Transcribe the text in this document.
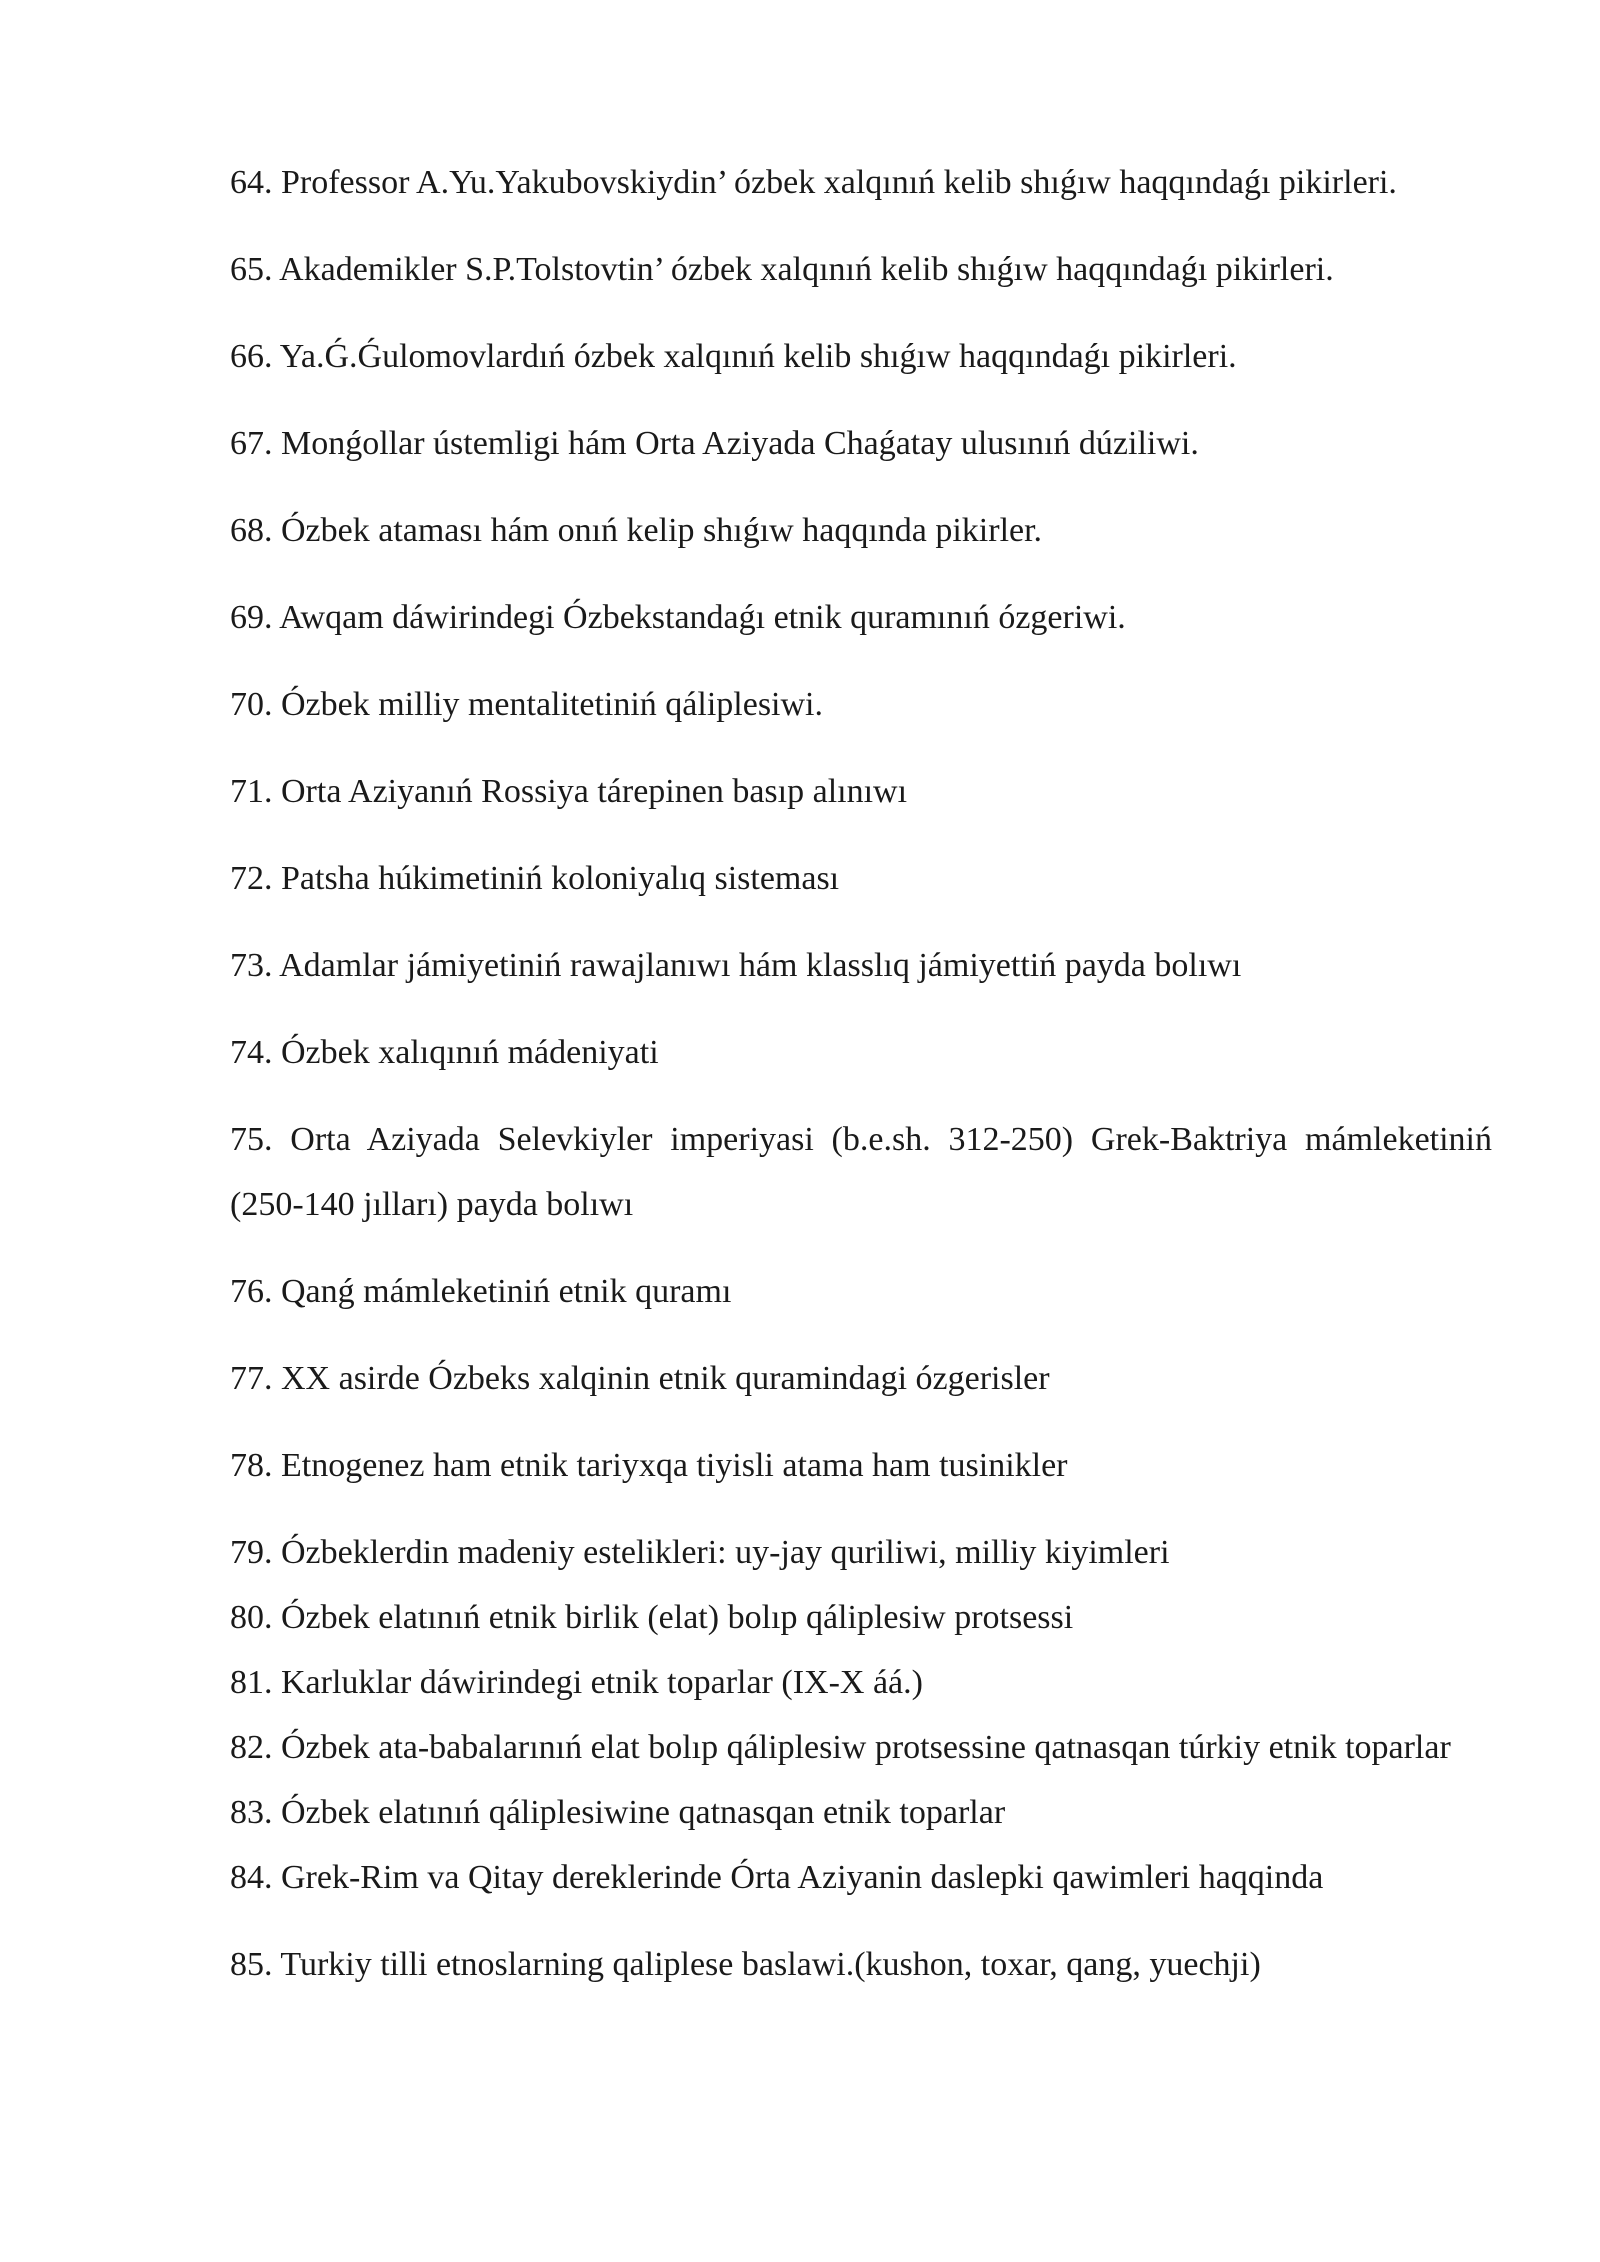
64. Professor A.Yu.Yakubovskiydin’ ózbek xalqınıń kelib shıǵıw haqqındaǵı pikirleri.

65. Akademikler S.P.Tolstovtin’ ózbek xalqınıń kelib shıǵıw haqqındaǵı pikirleri.

66. Ya.Ǵ.Ǵulomovlardıń ózbek xalqınıń kelib shıǵıw haqqındaǵı pikirleri.

67. Monǵollar ústemligi hám Orta Aziyada Chaǵatay ulusınıń dúziliwi.

68. Ózbek ataması hám onıń kelip shıǵıw haqqında pikirler.

69. Awqam dáwirindegi Ózbekstandaǵı etnik quramınıń ózgeriwi.

70. Ózbek milliy mentalitetiniń qáliplesiwi.

71. Orta Aziyanıń Rossiya tárepinen basıp alınıwı

72. Patsha húkimetiniń koloniyalıq sisteması

73. Adamlar jámiyetiniń rawajlanıwı hám klasslıq jámiyettiń payda bolıwı

74. Ózbek xalıqınıń mádeniyati

75. Orta Aziyada Selevkiyler imperiyasi (b.e.sh. 312-250) Grek-Baktriya mámleketiniń (250-140 jılları) payda bolıwı

76. Qanǵ mámleketiniń etnik quramı

77. XX asirde Ózbeks xalqinin etnik quramindagi ózgerisler

78. Etnogenez ham etnik tariyxqa tiyisli atama ham tusinikler

79. Ózbeklerdin madeniy estelikleri: uy-jay quriliwi, milliy kiyimleri

80. Ózbek elatınıń etnik birlik (elat) bolıp qáliplesiw protsessi

81. Karluklar dáwirindegi etnik toparlar (IX-X áá.)

82. Ózbek ata-babalarınıń elat bolıp qáliplesiw protsessine qatnasqan túrkiy etnik toparlar

83. Ózbek elatınıń qáliplesiwine qatnasqan etnik toparlar

84. Grek-Rim va Qitay dereklerinde Órta Aziyanin daslepki qawimleri haqqinda

85. Turkiy tilli etnoslarning qaliplese baslawi.(kushon, toxar, qang, yuechji)
